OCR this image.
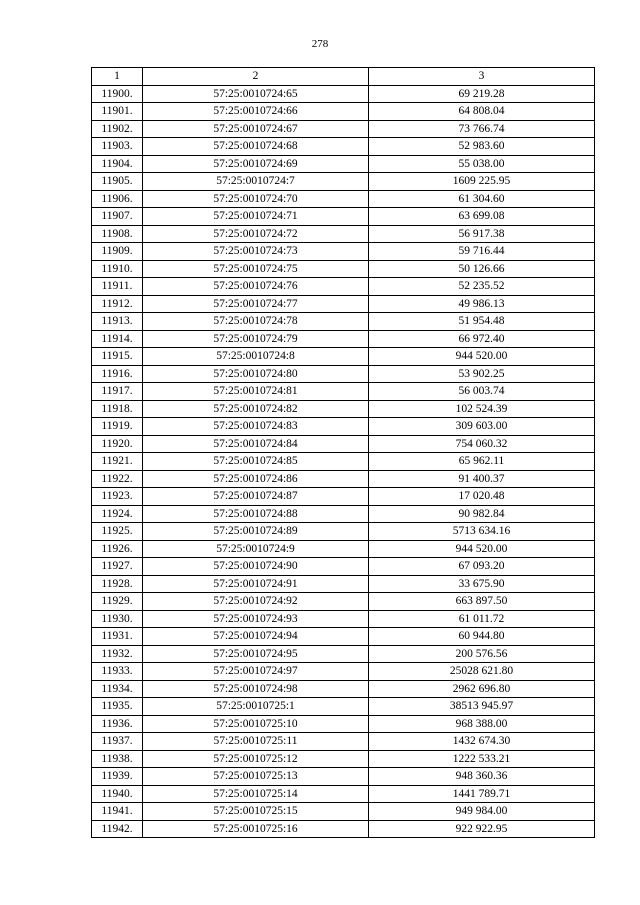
278
1	2	3
11900.	57:25:0010724:65	69 219.28
11901.	57:25:0010724:66	64 808.04
11902.	57:25:0010724:67	73 766.74
11903.	57:25:0010724:68	52 983.60
11904.	57:25:0010724:69	55 038.00
11905.	57:25:0010724:7	1609 225.95
11906.	57:25:0010724:70	61 304.60
11907.	57:25:0010724:71	63 699.08
11908.	57:25:0010724:72	56 917.38
11909.	57:25:0010724:73	59 716.44
11910.	57:25:0010724:75	50 126.66
11911.	57:25:0010724:76	52 235.52
11912.	57:25:0010724:77	49 986.13
11913.	57:25:0010724:78	51 954.48
11914.	57:25:0010724:79	66 972.40
11915.	57:25:0010724:8	944 520.00
11916.	57:25:0010724:80	53 902.25
11917.	57:25:0010724:81	56 003.74
11918.	57:25:0010724:82	102 524.39
11919.	57:25:0010724:83	309 603.00
11920.	57:25:0010724:84	754 060.32
11921.	57:25:0010724:85	65 962.11
11922.	57:25:0010724:86	91 400.37
11923.	57:25:0010724:87	17 020.48
11924.	57:25:0010724:88	90 982.84
11925.	57:25:0010724:89	5713 634.16
11926.	57:25:0010724:9	944 520.00
11927.	57:25:0010724:90	67 093.20
11928.	57:25:0010724:91	33 675.90
11929.	57:25:0010724:92	663 897.50
11930.	57:25:0010724:93	61 011.72
11931.	57:25:0010724:94	60 944.80
11932.	57:25:0010724:95	200 576.56
11933.	57:25:0010724:97	25028 621.80
11934.	57:25:0010724:98	2962 696.80
11935.	57:25:0010725:1	38513 945.97
11936.	57:25:0010725:10	968 388.00
11937.	57:25:0010725:11	1432 674.30
11938.	57:25:0010725:12	1222 533.21
11939.	57:25:0010725:13	948 360.36
11940.	57:25:0010725:14	1441 789.71
11941.	57:25:0010725:15	949 984.00
11942.	57:25:0010725:16	922 922.95
